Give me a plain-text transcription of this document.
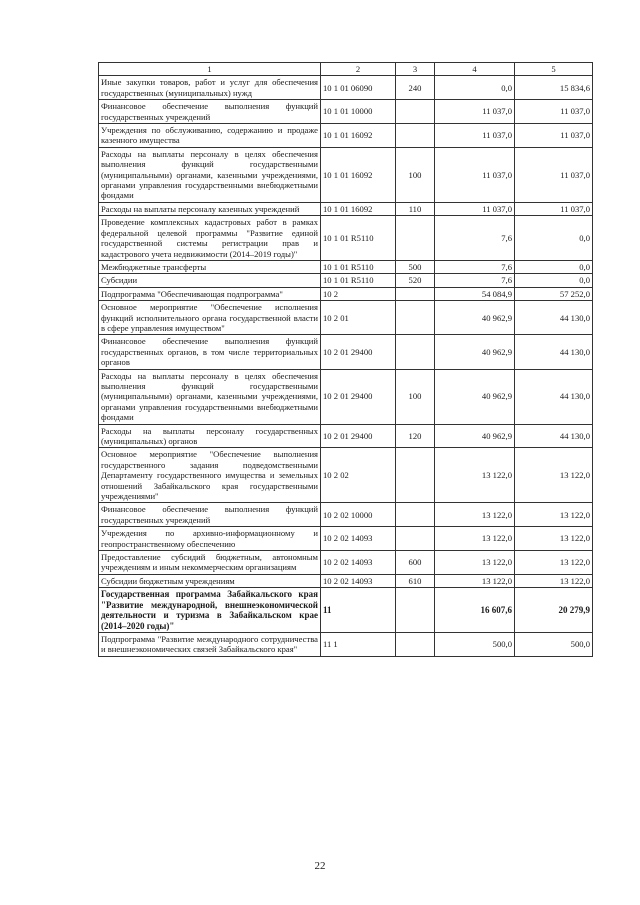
1	2	3	4	5
Иные закупки товаров, работ и услуг для обеспечения государственных (муниципальных) нужд	10 1 01 06090	240	0,0	15 834,6
Финансовое обеспечение выполнения функций государственных учреждений	10 1 01 10000		11 037,0	11 037,0
Учреждения по обслуживанию, содержанию и продаже казенного имущества	10 1 01 16092		11 037,0	11 037,0
Расходы на выплаты персоналу в целях обеспечения выполнения функций государственными (муниципальными) органами, казенными учреждениями, органами управления государственными внебюджетными фондами	10 1 01 16092	100	11 037,0	11 037,0
Расходы на выплаты персоналу казенных учреждений	10 1 01 16092	110	11 037,0	11 037,0
Проведение комплексных кадастровых работ в рамках федеральной целевой программы "Развитие единой государственной системы регистрации прав и кадастрового учета недвижимости (2014–2019 годы)"	10 1 01 R5110		7,6	0,0
Межбюджетные трансферты	10 1 01 R5110	500	7,6	0,0
Субсидии	10 1 01 R5110	520	7,6	0,0
Подпрограмма "Обеспечивающая подпрограмма"	10 2		54 084,9	57 252,0
Основное мероприятие "Обеспечение исполнения функций исполнительного органа государственной власти в сфере управления имуществом"	10 2 01		40 962,9	44 130,0
Финансовое обеспечение выполнения функций государственных органов, в том числе территориальных органов	10 2 01 29400		40 962,9	44 130,0
Расходы на выплаты персоналу в целях обеспечения выполнения функций государственными (муниципальными) органами, казенными учреждениями, органами управления государственными внебюджетными фондами	10 2 01 29400	100	40 962,9	44 130,0
Расходы на выплаты персоналу государственных (муниципальных) органов	10 2 01 29400	120	40 962,9	44 130,0
Основное мероприятие "Обеспечение выполнения государственного задания подведомственными Департаменту государственного имущества и земельных отношений Забайкальского края государственными учреждениями"	10 2 02		13 122,0	13 122,0
Финансовое обеспечение выполнения функций государственных учреждений	10 2 02 10000		13 122,0	13 122,0
Учреждения по архивно-информационному и геопространственному обеспечению	10 2 02 14093		13 122,0	13 122,0
Предоставление субсидий бюджетным, автономным учреждениям и иным некоммерческим организациям	10 2 02 14093	600	13 122,0	13 122,0
Субсидии бюджетным учреждениям	10 2 02 14093	610	13 122,0	13 122,0
Государственная программа Забайкальского края "Развитие международной, внешнеэкономической деятельности и туризма в Забайкальском крае (2014–2020 годы)"	11		16 607,6	20 279,9
Подпрограмма "Развитие международного сотрудничества и внешнеэкономических связей Забайкальского края"	11 1		500,0	500,0
22
